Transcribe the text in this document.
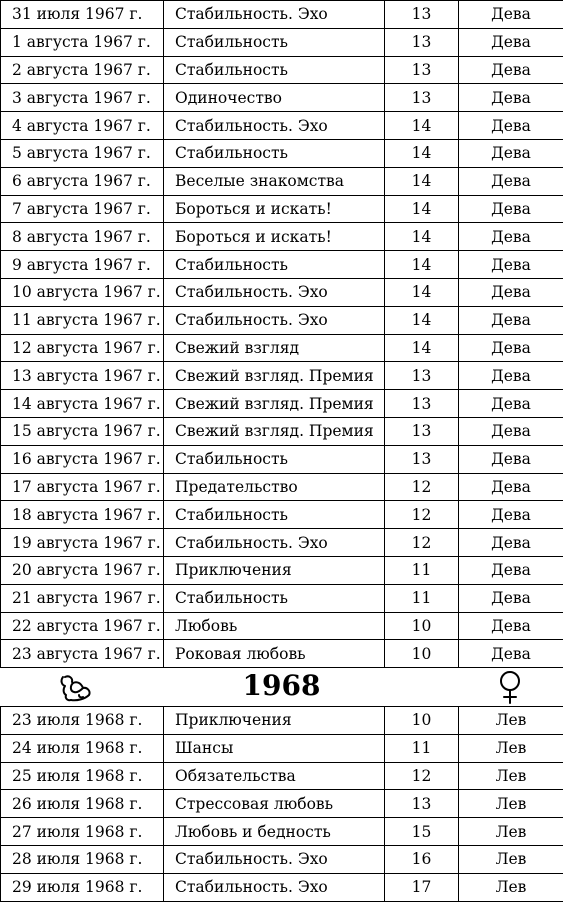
31 июля 1967 г.	Стабильность. Эхо	13	Дева
1 августа 1967 г.	Стабильность	13	Дева
2 августа 1967 г.	Стабильность	13	Дева
3 августа 1967 г.	Одиночество	13	Дева
4 августа 1967 г.	Стабильность. Эхо	14	Дева
5 августа 1967 г.	Стабильность	14	Дева
6 августа 1967 г.	Веселые знакомства	14	Дева
7 августа 1967 г.	Бороться и искать!	14	Дева
8 августа 1967 г.	Бороться и искать!	14	Дева
9 августа 1967 г.	Стабильность	14	Дева
10 августа 1967 г.	Стабильность. Эхо	14	Дева
11 августа 1967 г.	Стабильность. Эхо	14	Дева
12 августа 1967 г.	Свежий взгляд	14	Дева
13 августа 1967 г.	Свежий взгляд. Премия	13	Дева
14 августа 1967 г.	Свежий взгляд. Премия	13	Дева
15 августа 1967 г.	Свежий взгляд. Премия	13	Дева
16 августа 1967 г.	Стабильность	13	Дева
17 августа 1967 г.	Предательство	12	Дева
18 августа 1967 г.	Стабильность	12	Дева
19 августа 1967 г.	Стабильность. Эхо	12	Дева
20 августа 1967 г.	Приключения	11	Дева
21 августа 1967 г.	Стабильность	11	Дева
22 августа 1967 г.	Любовь	10	Дева
23 августа 1967 г.	Роковая любовь	10	Дева
1968
23 июля 1968 г.	Приключения	10	Лев
24 июля 1968 г.	Шансы	11	Лев
25 июля 1968 г.	Обязательства	12	Лев
26 июля 1968 г.	Стрессовая любовь	13	Лев
27 июля 1968 г.	Любовь и бедность	15	Лев
28 июля 1968 г.	Стабильность. Эхо	16	Лев
29 июля 1968 г.	Стабильность. Эхо	17	Лев
